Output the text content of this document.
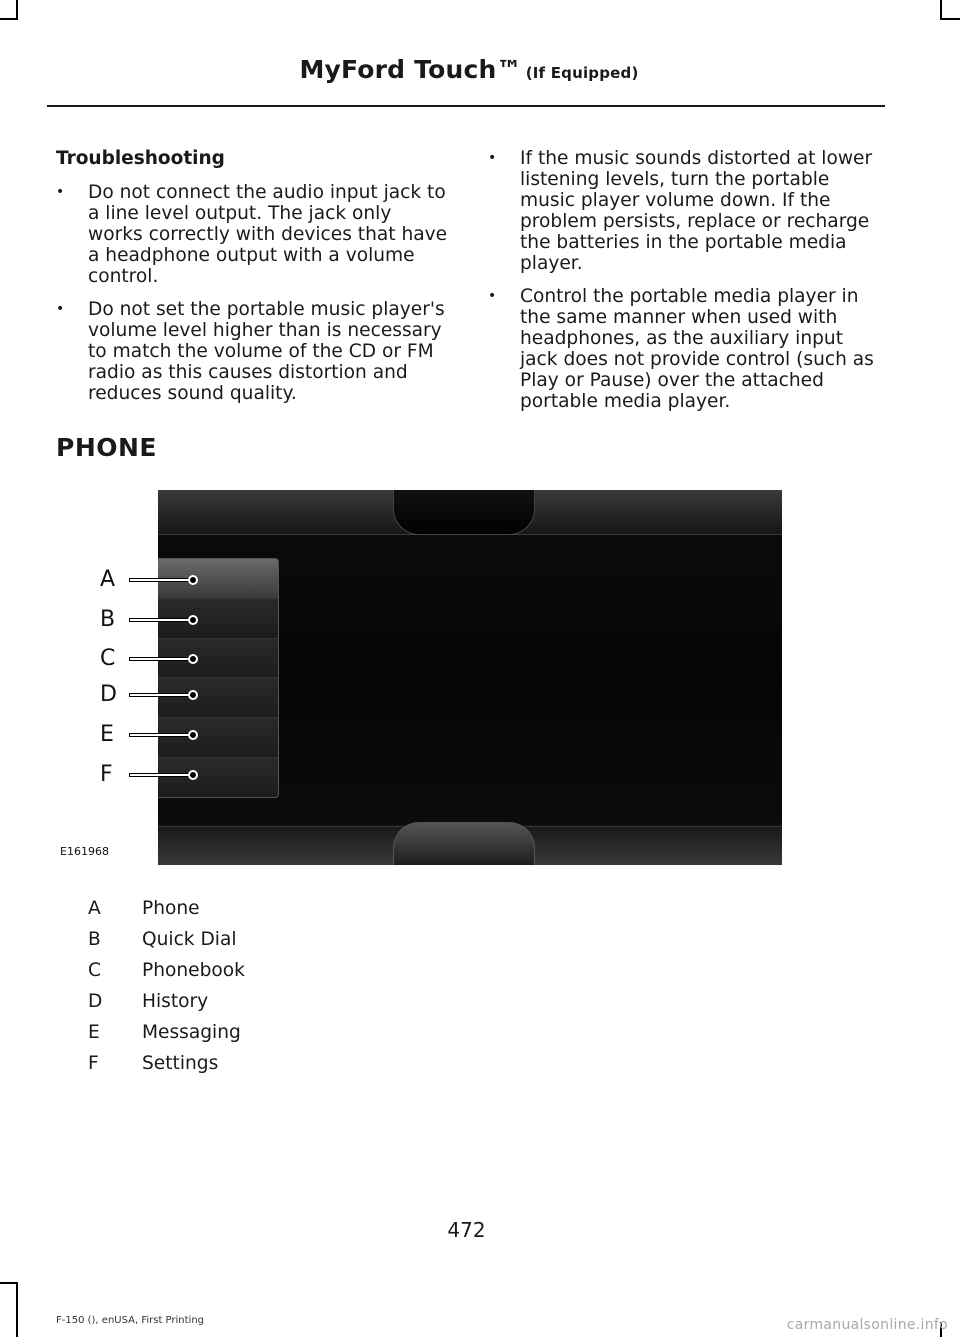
MyFord Touch™ (If Equipped)
Troubleshooting
• Do not connect the audio input jack to a line level output. The jack only works correctly with devices that have a headphone output with a volume control.
• Do not set the portable music player's volume level higher than is necessary to match the volume of the CD or FM radio as this causes distortion and reduces sound quality.
• If the music sounds distorted at lower listening levels, turn the portable music player volume down. If the problem persists, replace or recharge the batteries in the portable media player.
• Control the portable media player in the same manner when used with headphones, as the auxiliary input jack does not provide control (such as Play or Pause) over the attached portable media player.
PHONE
A
B
C
D
E
F
E161968
A	Phone
B	Quick Dial
C	Phonebook
D	History
E	Messaging
F	Settings
472
F-150 (), enUSA, First Printing	carmanualsonline.info
